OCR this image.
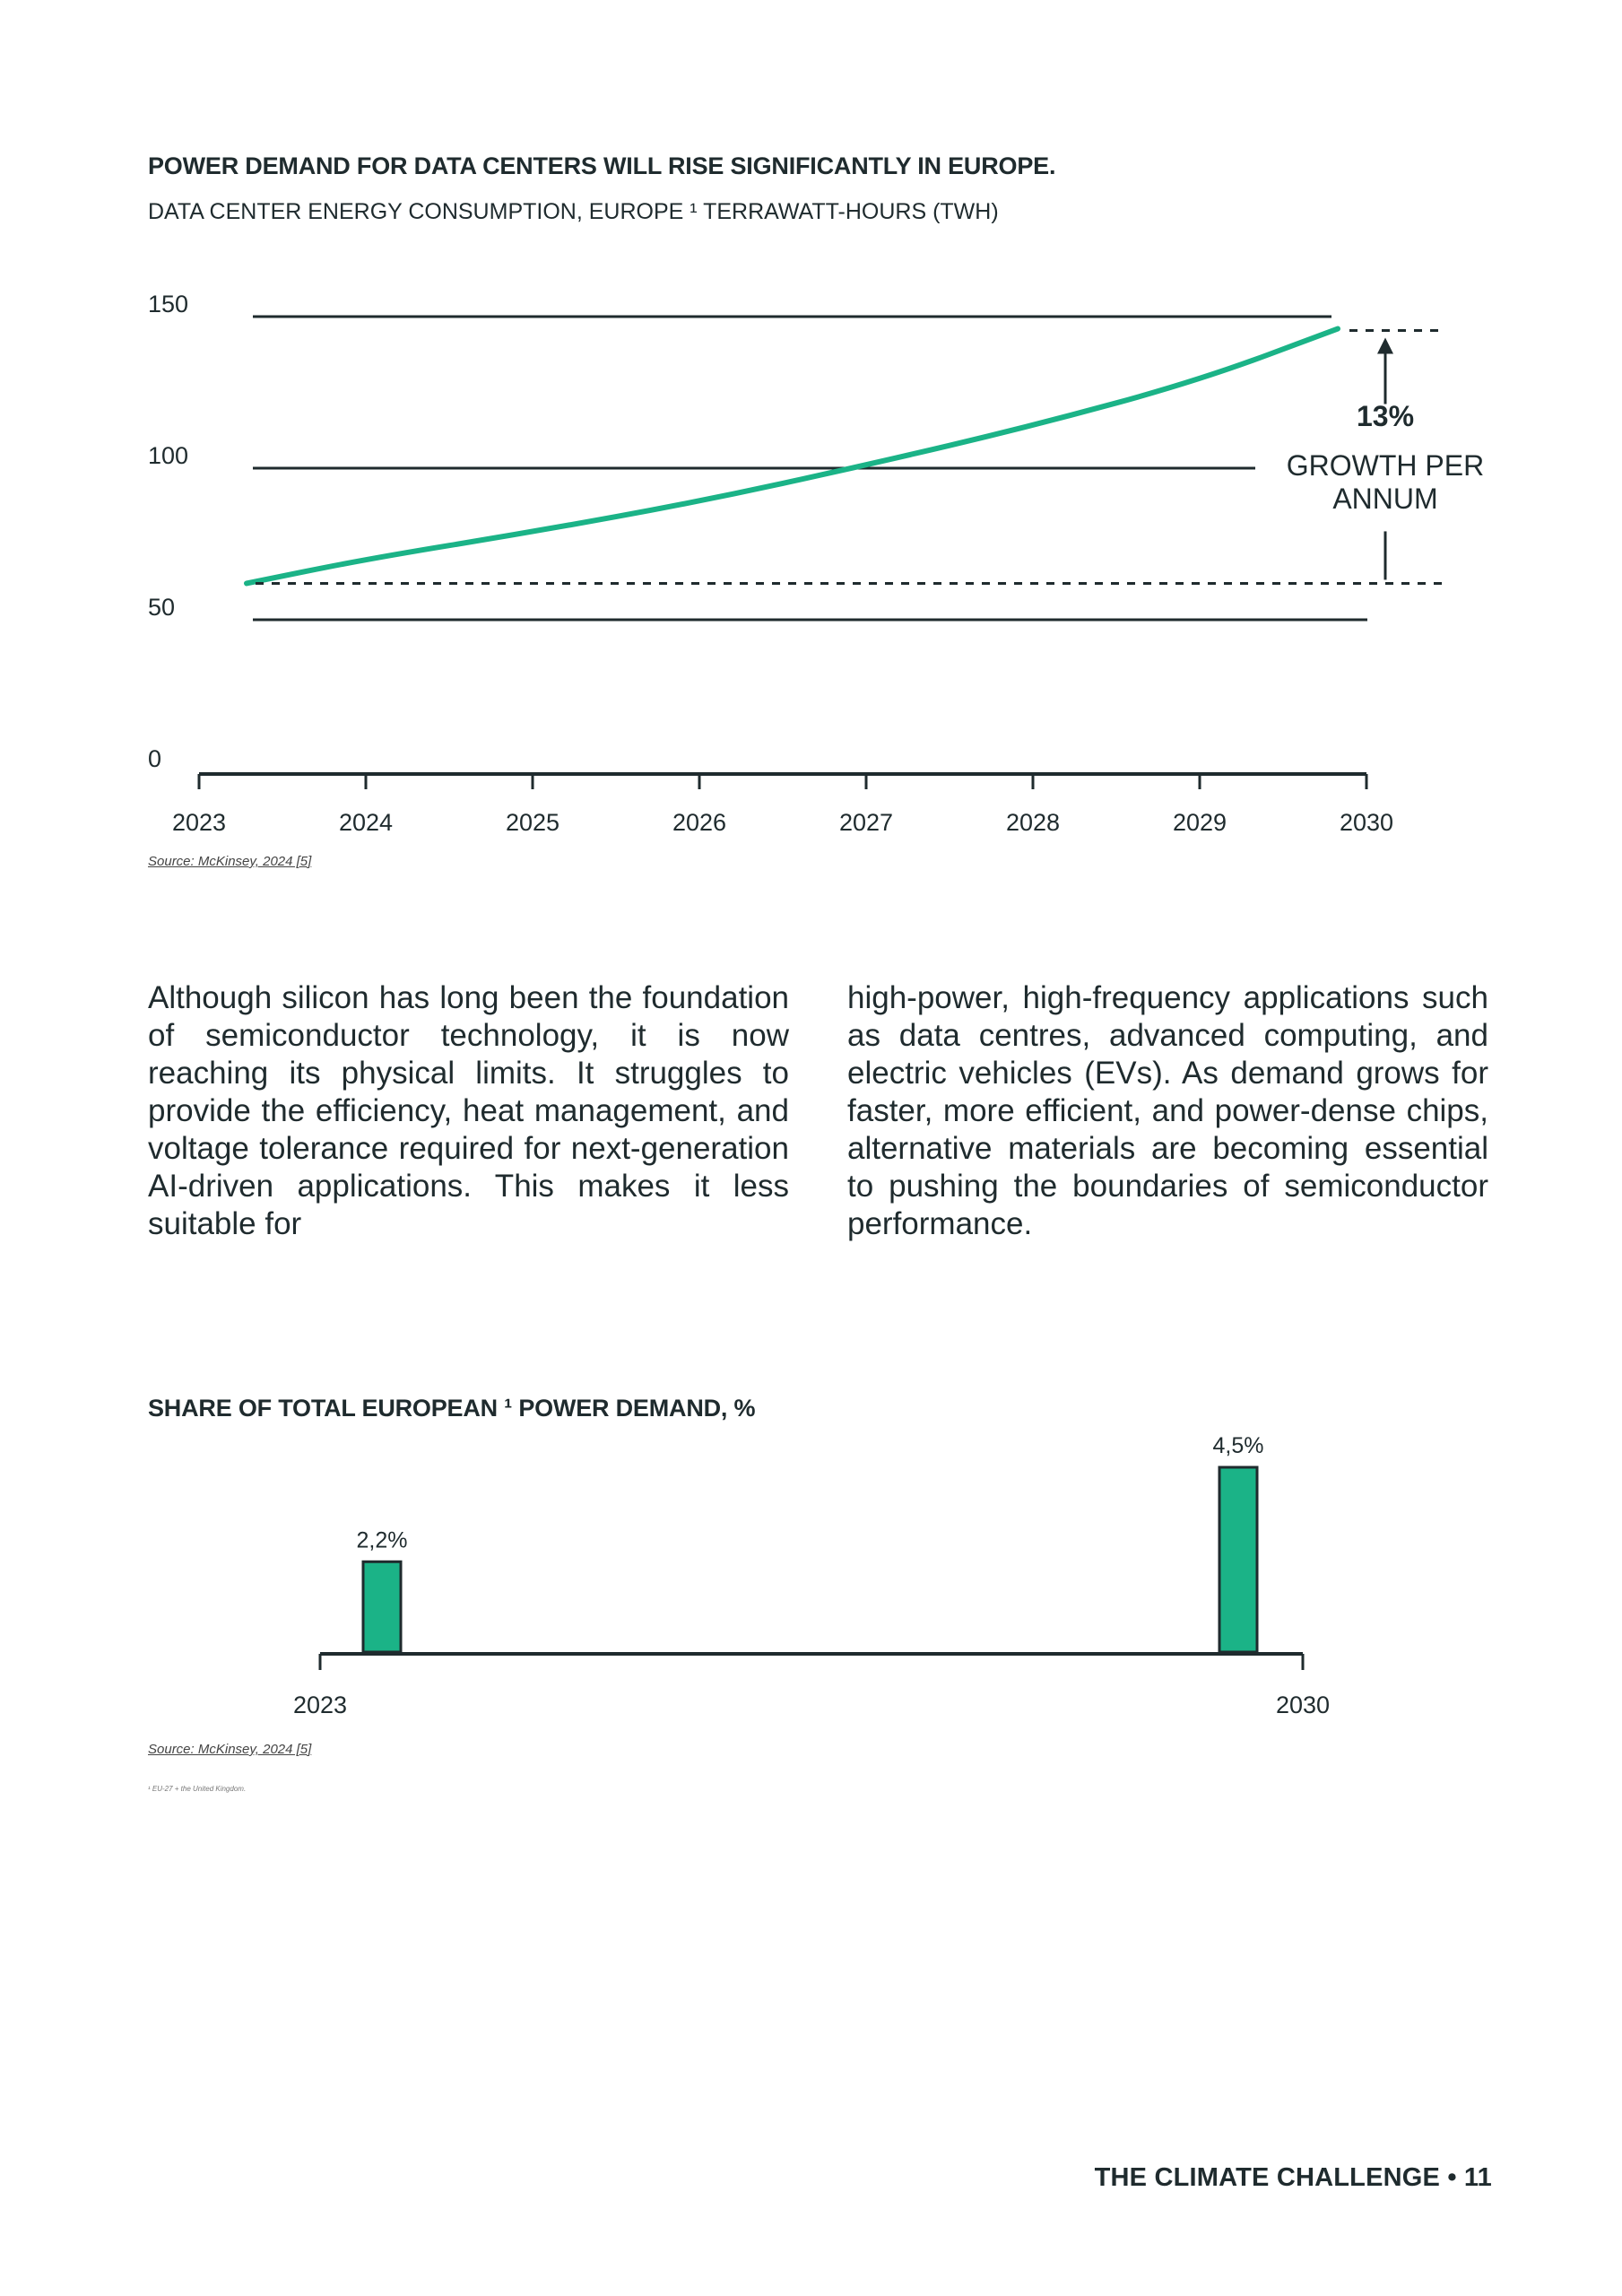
POWER DEMAND FOR DATA CENTERS WILL RISE SIGNIFICANTLY IN EUROPE.
DATA CENTER ENERGY CONSUMPTION, EUROPE ¹ TERRAWATT-HOURS (TWH)
0
50
100
150
2023	2024	2025	2026	2027	2028	2029	2030
13%
GROWTH PER
ANNUM
Source: McKinsey, 2024 [5]
Although silicon has long been the foundation of semiconductor technology, it is now reaching its physical limits. It struggles to provide the efficiency, heat management, and voltage tolerance required for next-generation AI-driven applications. This makes it less suitable for
high-power, high-frequency applications such as data centres, advanced computing, and electric vehicles (EVs). As demand grows for faster, more efficient, and power-dense chips, alternative materials are becoming essential to pushing the boundaries of semiconductor performance.
SHARE OF TOTAL EUROPEAN ¹ POWER DEMAND, %
2,2%
4,5%
2023	2030
Source: McKinsey, 2024 [5]
¹ EU-27 + the United Kingdom.
THE CLIMATE CHALLENGE • 11
